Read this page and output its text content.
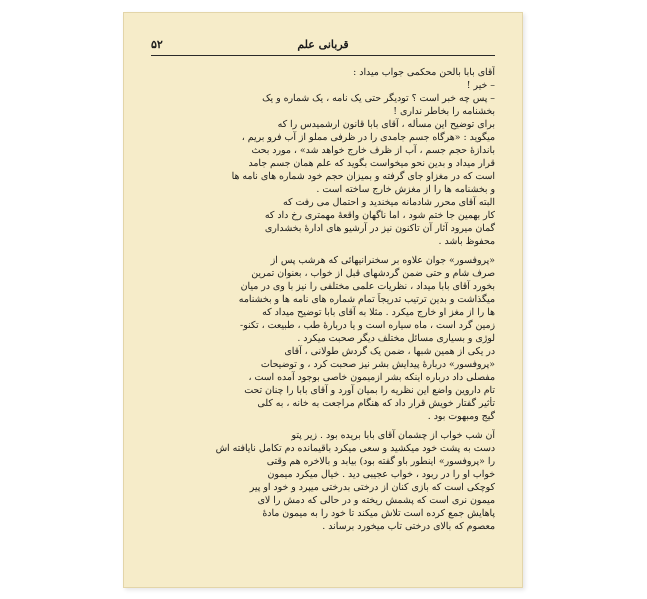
۵۲	قربانی علم
آقای بابا بالحن محکمی جواب میداد :
– خیر !
– پس چه خبر است ؟ تودیگر حتی یک نامه ، یک شماره و یک
بخشنامه را بخاطر نداری !
برای توضیح این مسأله ، آقای بابا قانون ارشمیدس را که
میگوید : «هرگاه جسم جامدی را در ظرفی مملو از آب فرو بریم ،
باندازهٔ حجم جسم ، آب از ظرف خارج خواهد شد» ، مورد بحث
قرار میداد و بدین نحو میخواست بگوید که علم همان جسم جامد
است که در مغزاو جای گرفته و بمیزان حجم خود شماره های نامه ها
و بخشنامه ها را از مغزش خارج ساخته است .
البته آقای محرر شادمانه میخندید و احتمال می رفت که
کار بهمین جا ختم شود ، اما ناگهان واقعهٔ مهمتری رخ داد که
گمان میرود آثار آن تاکنون نیز در آرشیو های ادارهٔ بخشداری
محفوظ باشد .
«پروفسور» جوان علاوه بر سخنرانیهائی که هرشب پس از
صرف شام و حتی ضمن گردشهای قبل از خواب ، بعنوان تمرین
بخورد آقای بابا میداد ، نظریات علمی مختلفی را نیز با وی در میان
میگذاشت و بدین ترتیب تدریجاً تمام شماره های نامه ها و بخشنامه
ها را از مغز او خارج میکرد . مثلا به آقای بابا توضیح میداد که
زمین گرد است ، ماه سیاره است و یا دربارهٔ طب ، طبیعت ، تکنو-
لوژی و بسیاری مسائل مختلف دیگر صحبت میکرد .
در یکی از همین شبها ، ضمن یک گردش طولانی ، آقای
«پروفسور» دربارهٔ پیدایش بشر نیز صحبت کرد ، و توضیحات
مفصلی داد درباره اینکه بشر ازمیمون خاصی بوجود آمده است ،
تام داروین واضع این نظریه را بمیان آورد و آقای بابا را چنان تحت
تأثیر گفتار خویش قرار داد که هنگام مراجعت به خانه ، به کلی
گیج ومبهوت بود .
آن شب خواب از چشمان آقای بابا بریده بود . زیر پتو
دست به پشت خود میکشید و سعی میکرد باقیمانده دم تکامل نایافته اش
را «پروفسور» اینطور باو گفته بود) بیابد و بالاخره هم وقتی
خواب او را در ربود ، خواب عجیبی دید . خیال میکرد میمون
کوچکی است که بازی کنان از درختی بدرختی میپرد و خود او پیر
میمون نری است که پشمش ریخته و در حالی که دمش را لای
پاهایش جمع کرده است تلاش میکند تا خود را به میمون مادهٔ
معصوم که بالای درختی تاب میخورد برساند .
